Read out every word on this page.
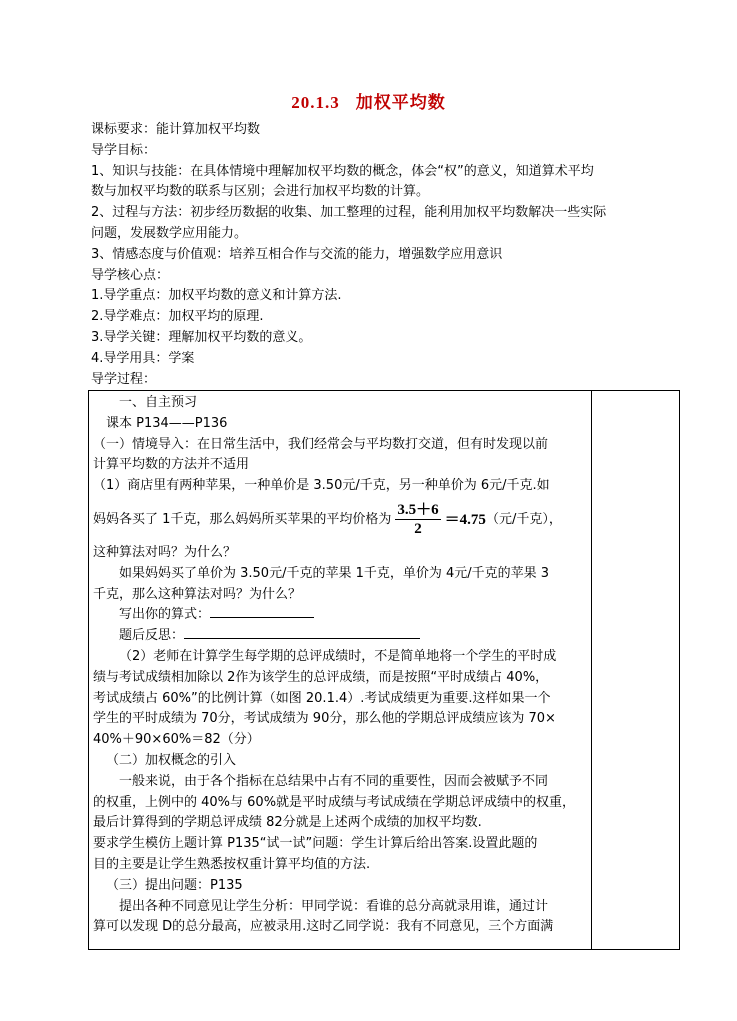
20.1.3 加权平均数
课标要求：能计算加权平均数
导学目标：
1、知识与技能：在具体情境中理解加权平均数的概念，体会“权”的意义，知道算术平均
数与加权平均数的联系与区别；会进行加权平均数的计算。
2、过程与方法：初步经历数据的收集、加工整理的过程，能利用加权平均数解决一些实际
问题，发展数学应用能力。
3、情感态度与价值观：培养互相合作与交流的能力，增强数学应用意识
导学核心点：
1.导学重点：加权平均数的意义和计算方法.
2.导学难点：加权平均的原理.
3.导学关键：理解加权平均数的意义。
4.导学用具：学案
导学过程：
一、自主预习
课本 P134——P136
（一）情境导入：在日常生活中，我们经常会与平均数打交道，但有时发现以前
计算平均数的方法并不适用
（1）商店里有两种苹果，一种单价是 3.50元/千克，另一种单价为 6元/千克.如
妈妈各买了 1千克，那么妈妈所买苹果的平均价格为 $\frac{3.5+6}{2} =4.75$ （元/千克），
这种算法对吗？为什么？
如果妈妈买了单价为 3.50元/千克的苹果 1千克，单价为 4元/千克的苹果 3
千克，那么这种算法对吗？为什么？
写出你的算式：
题后反思：
（2）老师在计算学生每学期的总评成绩时，不是简单地将一个学生的平时成
绩与考试成绩相加除以 2作为该学生的总评成绩，而是按照“平时成绩占 40%，
考试成绩占 60%”的比例计算（如图 20.1.4）.考试成绩更为重要.这样如果一个
学生的平时成绩为 70分，考试成绩为 90分，那么他的学期总评成绩应该为 70×
40%＋90×60%＝82（分）
（二）加权概念的引入
一般来说，由于各个指标在总结果中占有不同的重要性，因而会被赋予不同
的权重，上例中的 40%与 60%就是平时成绩与考试成绩在学期总评成绩中的权重，
最后计算得到的学期总评成绩 82分就是上述两个成绩的加权平均数.
要求学生模仿上题计算 P135“试一试”问题：学生计算后给出答案.设置此题的
目的主要是让学生熟悉按权重计算平均值的方法.
（三）提出问题：P135
提出各种不同意见让学生分析：甲同学说：看谁的总分高就录用谁，通过计
算可以发现 D的总分最高，应被录用.这时乙同学说：我有不同意见，三个方面满
